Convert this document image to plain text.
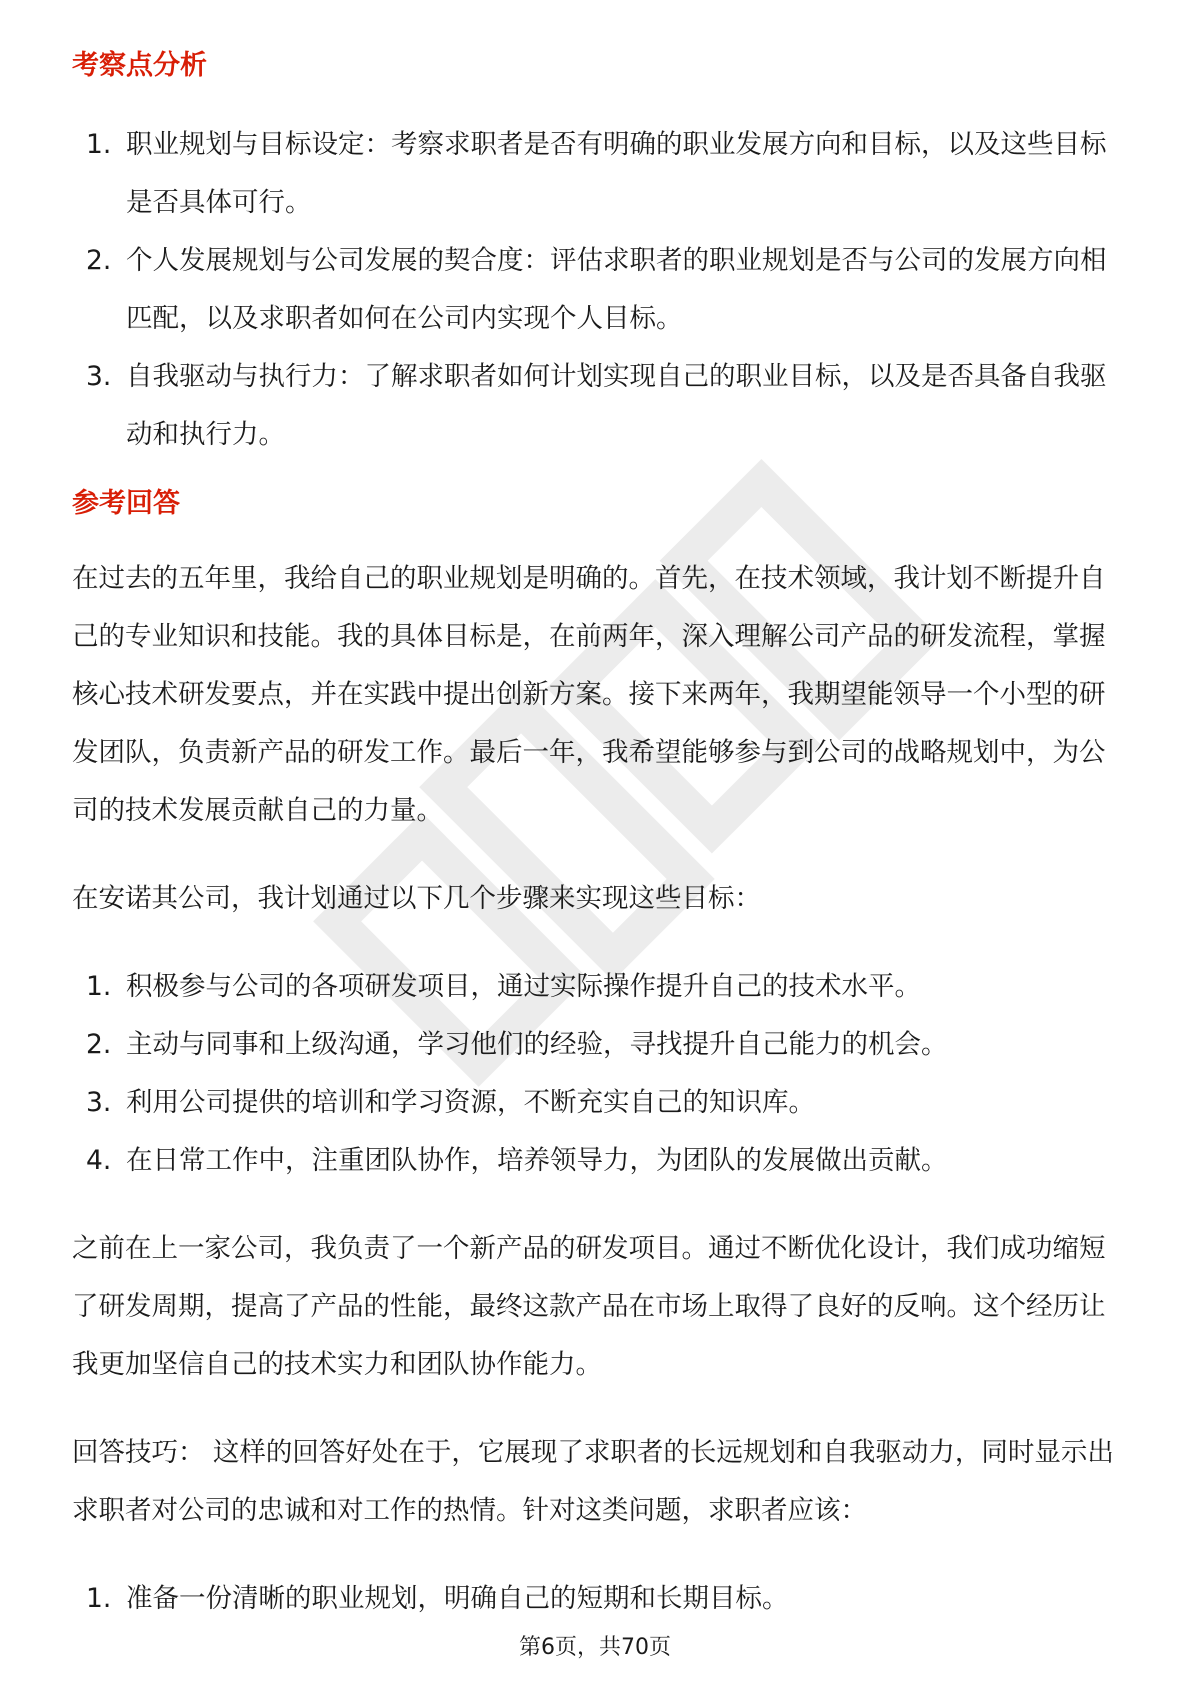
考察点分析
1. 职业规划与目标设定：考察求职者是否有明确的职业发展方向和目标，以及这些目标是否具体可行。
2. 个人发展规划与公司发展的契合度：评估求职者的职业规划是否与公司的发展方向相匹配，以及求职者如何在公司内实现个人目标。
3. 自我驱动与执行力：了解求职者如何计划实现自己的职业目标，以及是否具备自我驱动和执行力。
参考回答

在过去的五年里，我给自己的职业规划是明确的。首先，在技术领域，我计划不断提升自己的专业知识和技能。我的具体目标是，在前两年，深入理解公司产品的研发流程，掌握核心技术研发要点，并在实践中提出创新方案。接下来两年，我期望能领导一个小型的研发团队，负责新产品的研发工作。最后一年，我希望能够参与到公司的战略规划中，为公司的技术发展贡献自己的力量。

在安诺其公司，我计划通过以下几个步骤来实现这些目标：

1. 积极参与公司的各项研发项目，通过实际操作提升自己的技术水平。
2. 主动与同事和上级沟通，学习他们的经验，寻找提升自己能力的机会。
3. 利用公司提供的培训和学习资源，不断充实自己的知识库。
4. 在日常工作中，注重团队协作，培养领导力，为团队的发展做出贡献。

之前在上一家公司，我负责了一个新产品的研发项目。通过不断优化设计，我们成功缩短了研发周期，提高了产品的性能，最终这款产品在市场上取得了良好的反响。这个经历让我更加坚信自己的技术实力和团队协作能力。

回答技巧： 这样的回答好处在于，它展现了求职者的长远规划和自我驱动力，同时显示出求职者对公司的忠诚和对工作的热情。针对这类问题，求职者应该：

1. 准备一份清晰的职业规划，明确自己的短期和长期目标。
第6页，共70页
